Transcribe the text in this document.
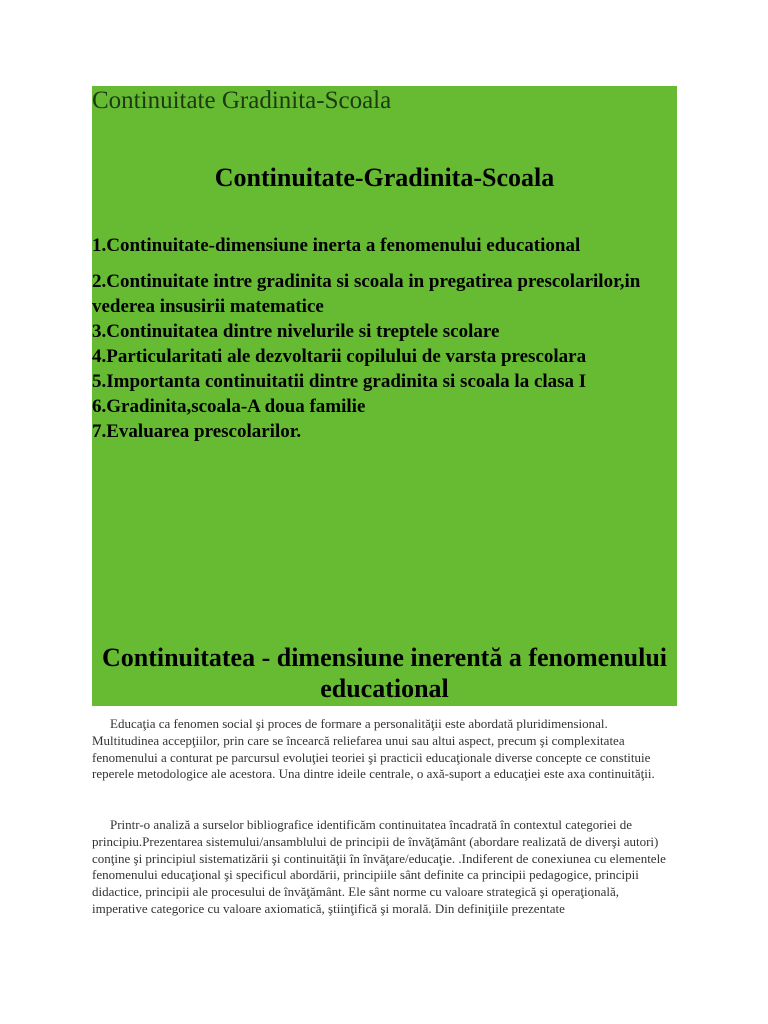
Continuitate Gradinita-Scoala
Continuitate-Gradinita-Scoala
1.Continuitate-dimensiune inerta a fenomenului educational
2.Continuitate intre gradinita si scoala in pregatirea prescolarilor,in vederea insusirii matematice
3.Continuitatea dintre nivelurile si treptele scolare
4.Particularitati ale dezvoltarii copilului de varsta prescolara
5.Importanta continuitatii dintre gradinita si scoala la clasa I
6.Gradinita,scoala-A doua familie
7.Evaluarea prescolarilor.
Continuitatea - dimensiune inerentă a fenomenului educational

Educaţia ca fenomen social şi proces de formare a personalităţii este abordată pluridimensional. Multitudinea accepţiilor, prin care se încearcă reliefarea unui sau altui aspect, precum şi complexitatea fenomenului a conturat pe parcursul evoluţiei teoriei şi practicii educaţionale diverse concepte ce constituie reperele metodologice ale acestora. Una dintre ideile centrale, o axă-suport a educaţiei este axa continuităţii.

Printr-o analiză a surselor bibliografice identificăm continuitatea încadrată în contextul categoriei de principiu.Prezentarea sistemului/ansamblului de principii de învăţământ (abordare realizată de diverşi autori) conţine şi principiul sistematizării şi continuităţii în învăţare/educaţie. .Indiferent de conexiunea cu elementele fenomenului educaţional şi specificul abordării, principiile sânt definite ca principii pedagogice, principii didactice, principii ale procesului de învăţământ. Ele sânt norme cu valoare strategică şi operaţională, imperative categorice cu valoare axiomatică, ştiinţifică şi morală. Din definiţiile prezentate
